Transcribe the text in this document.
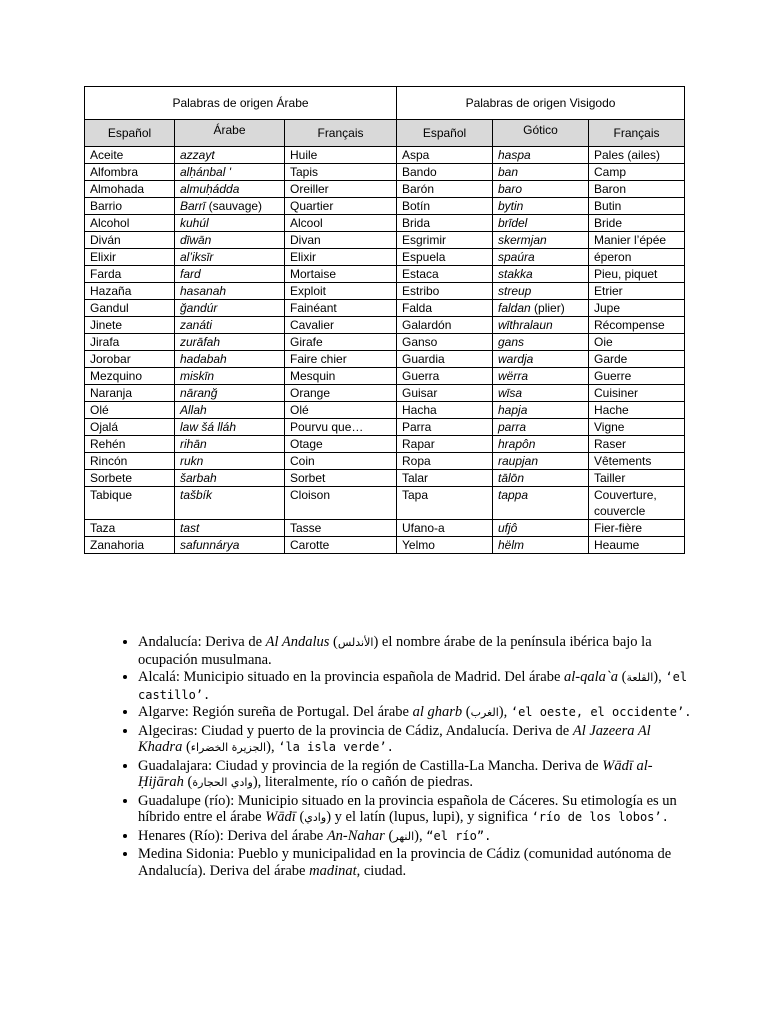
Palabras de origen Árabe			Palabras de origen Visigodo		
Español	Árabe	Français	Español	Gótico	Français
Aceite	azzayt	Huile	Aspa	haspa	Pales (ailes)
Alfombra	alḥánbal '	Tapis	Bando	ban	Camp
Almohada	almuḥádda	Oreiller	Barón	baro	Baron
Barrio	Barrī (sauvage)	Quartier	Botín	bytin	Butin
Alcohol	kuhúl	Alcool	Brida	brīdel	Bride
Diván	dīwān	Divan	Esgrimir	skermjan	Manier l’épée
Elixir	al’iksīr	Elixir	Espuela	spaúra	éperon
Farda	fard	Mortaise	Estaca	stakka	Pieu, piquet
Hazaña	hasanah	Exploit	Estribo	streup	Etrier
Gandul	ğandúr	Fainéant	Falda	faldan (plier)	Jupe
Jinete	zanáti	Cavalier	Galardón	wīthralaun	Récompense
Jirafa	zurāfah	Girafe	Ganso	gans	Oie
Jorobar	hadabah	Faire chier	Guardia	wardja	Garde
Mezquino	miskīn	Mesquin	Guerra	wërra	Guerre
Naranja	nāranğ	Orange	Guisar	wīsa	Cuisiner
Olé	Allah	Olé	Hacha	hapja	Hache
Ojalá	law šá lláh	Pourvu que…	Parra	parra	Vigne
Rehén	rihān	Otage	Rapar	hrapôn	Raser
Rincón	rukn	Coin	Ropa	raupjan	Vêtements
Sorbete	šarbah	Sorbet	Talar	tālōn	Tailler
Tabique	tašbík	Cloison	Tapa	tappa	Couverture, couvercle
Taza	tast	Tasse	Ufano-a	ufjô	Fier-fière
Zanahoria	safunnárya	Carotte	Yelmo	hëlm	Heaume
• Andalucía: Deriva de Al Andalus (الأندلس) el nombre árabe de la península ibérica bajo la ocupación musulmana.
• Alcalá: Municipio situado en la provincia española de Madrid. Del árabe al-qala`a (القلعة), ‘el castillo’.
• Algarve: Región sureña de Portugal. Del árabe al gharb (الغرب), ‘el oeste, el occidente’.
• Algeciras: Ciudad y puerto de la provincia de Cádiz, Andalucía. Deriva de Al Jazeera Al Khadra (الجزيرة الخضراء), ‘la isla verde’.
• Guadalajara: Ciudad y provincia de la región de Castilla-La Mancha. Deriva de Wādī al-Ḥijārah (وادي الحجارة), literalmente, río o cañón de piedras.
• Guadalupe (río): Municipio situado en la provincia española de Cáceres. Su etimología es un híbrido entre el árabe Wādī (وادي) y el latín (lupus, lupi), y significa ‘río de los lobos’.
• Henares (Río): Deriva del árabe An-Nahar (النهر), “el río”.
• Medina Sidonia: Pueblo y municipalidad en la provincia de Cádiz (comunidad autónoma de Andalucía). Deriva del árabe madinat, ciudad.
